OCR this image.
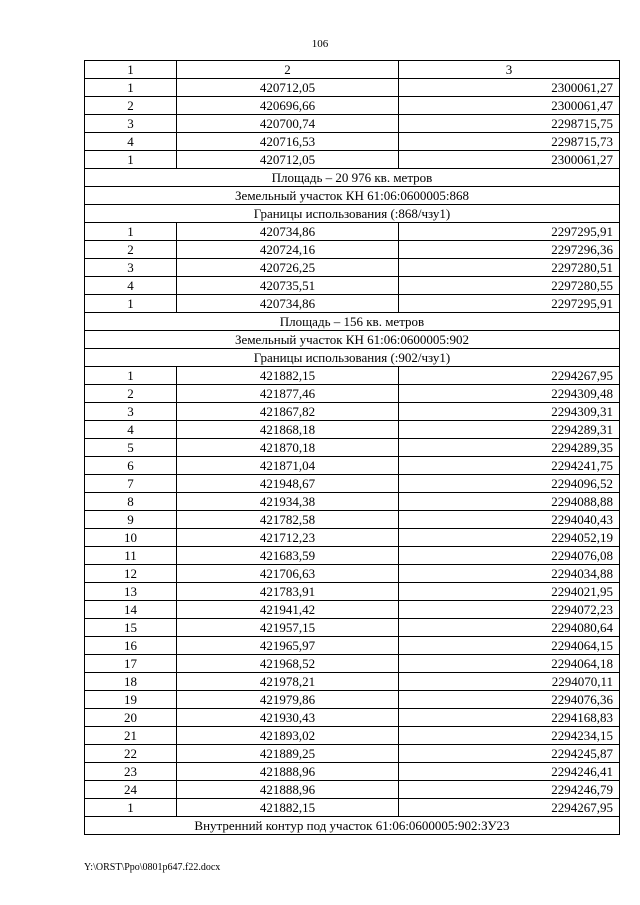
106
1	2	3
1	420712,05	2300061,27
2	420696,66	2300061,47
3	420700,74	2298715,75
4	420716,53	2298715,73
1	420712,05	2300061,27
Площадь – 20 976 кв. метров		
Земельный участок КН 61:06:0600005:868		
Границы использования (:868/чзу1)		
1	420734,86	2297295,91
2	420724,16	2297296,36
3	420726,25	2297280,51
4	420735,51	2297280,55
1	420734,86	2297295,91
Площадь – 156 кв. метров		
Земельный участок КН 61:06:0600005:902		
Границы использования (:902/чзу1)		
1	421882,15	2294267,95
2	421877,46	2294309,48
3	421867,82	2294309,31
4	421868,18	2294289,31
5	421870,18	2294289,35
6	421871,04	2294241,75
7	421948,67	2294096,52
8	421934,38	2294088,88
9	421782,58	2294040,43
10	421712,23	2294052,19
11	421683,59	2294076,08
12	421706,63	2294034,88
13	421783,91	2294021,95
14	421941,42	2294072,23
15	421957,15	2294080,64
16	421965,97	2294064,15
17	421968,52	2294064,18
18	421978,21	2294070,11
19	421979,86	2294076,36
20	421930,43	2294168,83
21	421893,02	2294234,15
22	421889,25	2294245,87
23	421888,96	2294246,41
24	421888,96	2294246,79
1	421882,15	2294267,95
Внутренний контур под участок 61:06:0600005:902:ЗУ23		
Y:\ORST\Ppo\0801p647.f22.docx
